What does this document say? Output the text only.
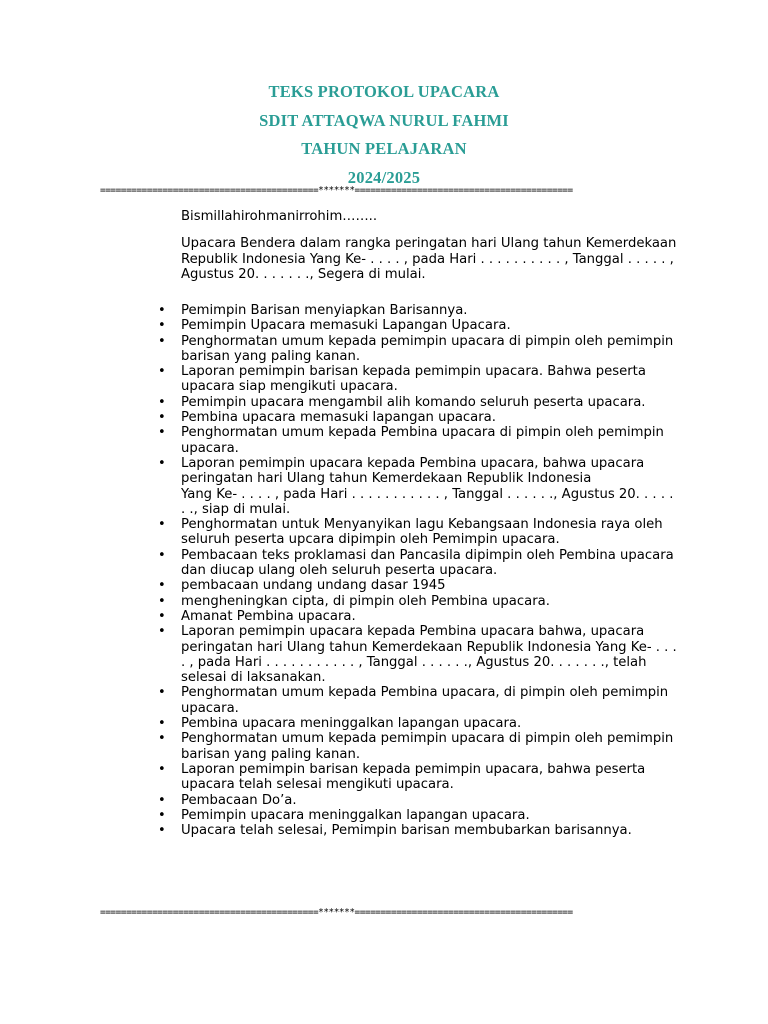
TEKS PROTOKOL UPACARA
SDIT ATTAQWA NURUL FAHMI
TAHUN PELAJARAN
2024/2025
==========================================*******==========================================

Bismillahirohmanirrohim……..

Upacara Bendera dalam rangka peringatan hari Ulang tahun Kemerdekaan Republik Indonesia Yang Ke- . . . . , pada Hari . . . . . . . . . . , Tanggal . . . . . , Agustus 20. . . . . . ., Segera di mulai.

• Pemimpin Barisan menyiapkan Barisannya.
• Pemimpin Upacara memasuki Lapangan Upacara.
• Penghormatan umum kepada pemimpin upacara di pimpin oleh pemimpin barisan yang paling kanan.
• Laporan pemimpin barisan kepada pemimpin upacara. Bahwa peserta upacara siap mengikuti upacara.
• Pemimpin upacara mengambil alih komando seluruh peserta upacara.
• Pembina upacara memasuki lapangan upacara.
• Penghormatan umum kepada Pembina upacara di pimpin oleh pemimpin upacara.
• Laporan pemimpin upacara kepada Pembina upacara, bahwa upacara peringatan hari Ulang tahun Kemerdekaan Republik Indonesia
Yang Ke- . . . . , pada Hari . . . . . . . . . . . , Tanggal . . . . . ., Agustus 20. . . . . . ., siap di mulai.
• Penghormatan untuk Menyanyikan lagu Kebangsaan Indonesia raya oleh seluruh peserta upcara dipimpin oleh Pemimpin upacara.
• Pembacaan teks proklamasi dan Pancasila dipimpin oleh Pembina upacara dan diucap ulang oleh seluruh peserta upacara.
• pembacaan undang undang dasar 1945
• mengheningkan cipta, di pimpin oleh Pembina upacara.
• Amanat Pembina upacara.
• Laporan pemimpin upacara kepada Pembina upacara bahwa, upacara peringatan hari Ulang tahun Kemerdekaan Republik Indonesia Yang Ke- . . . . , pada Hari . . . . . . . . . . . , Tanggal . . . . . ., Agustus 20. . . . . . ., telah selesai di laksanakan.
• Penghormatan umum kepada Pembina upacara, di pimpin oleh pemimpin upacara.
• Pembina upacara meninggalkan lapangan upacara.
• Penghormatan umum kepada pemimpin upacara di pimpin oleh pemimpin barisan yang paling kanan.
• Laporan pemimpin barisan kepada pemimpin upacara, bahwa peserta upacara telah selesai mengikuti upacara.
• Pembacaan Do’a.
• Pemimpin upacara meninggalkan lapangan upacara.
• Upacara telah selesai, Pemimpin barisan membubarkan barisannya.
==========================================*******==========================================
